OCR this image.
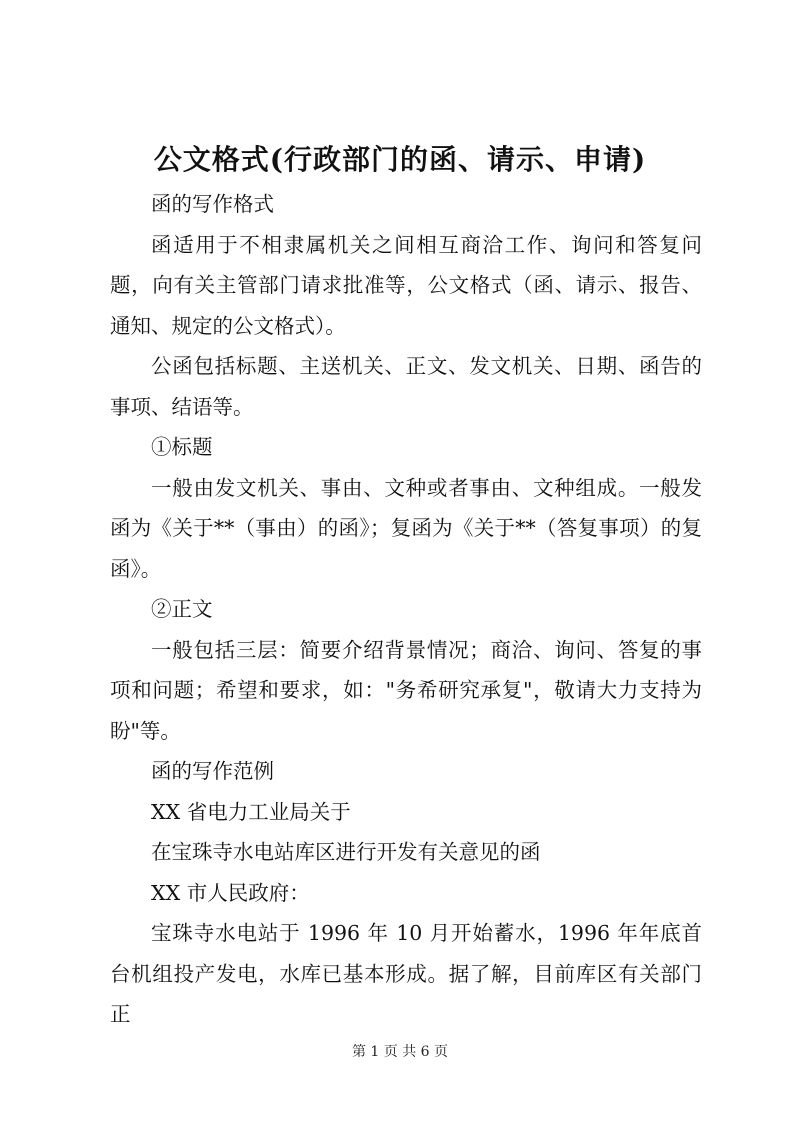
公文格式(行政部门的函、请示、申请)

函的写作格式

函适用于不相隶属机关之间相互商洽工作、询问和答复问题，向有关主管部门请求批准等，公文格式（函、请示、报告、通知、规定的公文格式）。

公函包括标题、主送机关、正文、发文机关、日期、函告的事项、结语等。

①标题

一般由发文机关、事由、文种或者事由、文种组成。一般发函为《关于**（事由）的函》；复函为《关于**（答复事项）的复函》。

②正文

一般包括三层：简要介绍背景情况；商洽、询问、答复的事项和问题；希望和要求，如："务希研究承复"，敬请大力支持为盼"等。

函的写作范例

XX 省电力工业局关于

在宝珠寺水电站库区进行开发有关意见的函

XX 市人民政府：

宝珠寺水电站于 1996 年 10 月开始蓄水，1996 年年底首台机组投产发电，水库已基本形成。据了解，目前库区有关部门正

第 1 页 共 6 页
